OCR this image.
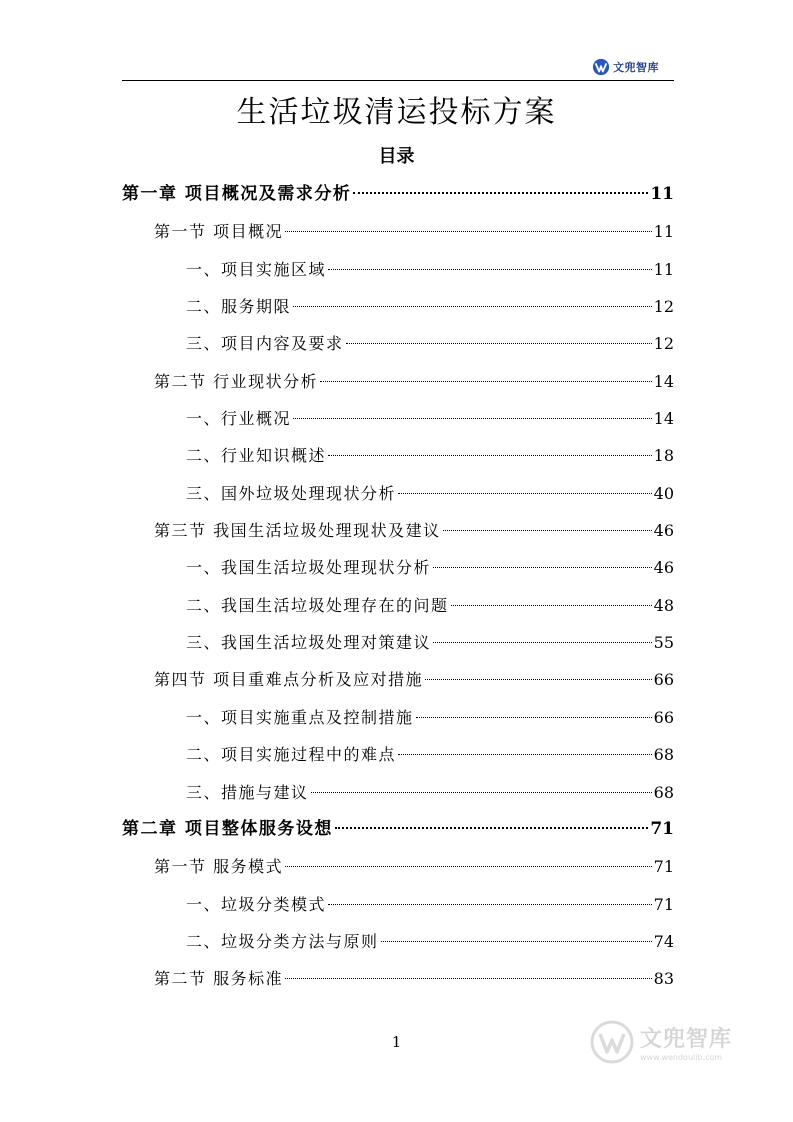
文兜智库
生活垃圾清运投标方案
目录
第一章 项目概况及需求分析	11
第一节 项目概况	11
一、项目实施区域	11
二、服务期限	12
三、项目内容及要求	12
第二节 行业现状分析	14
一、行业概况	14
二、行业知识概述	18
三、国外垃圾处理现状分析	40
第三节 我国生活垃圾处理现状及建议	46
一、我国生活垃圾处理现状分析	46
二、我国生活垃圾处理存在的问题	48
三、我国生活垃圾处理对策建议	55
第四节 项目重难点分析及应对措施	66
一、项目实施重点及控制措施	66
二、项目实施过程中的难点	68
三、措施与建议	68
第二章 项目整体服务设想	71
第一节 服务模式	71
一、垃圾分类模式	71
二、垃圾分类方法与原则	74
第二节 服务标准	83
1	文兜智库
www.wendoulib.com
